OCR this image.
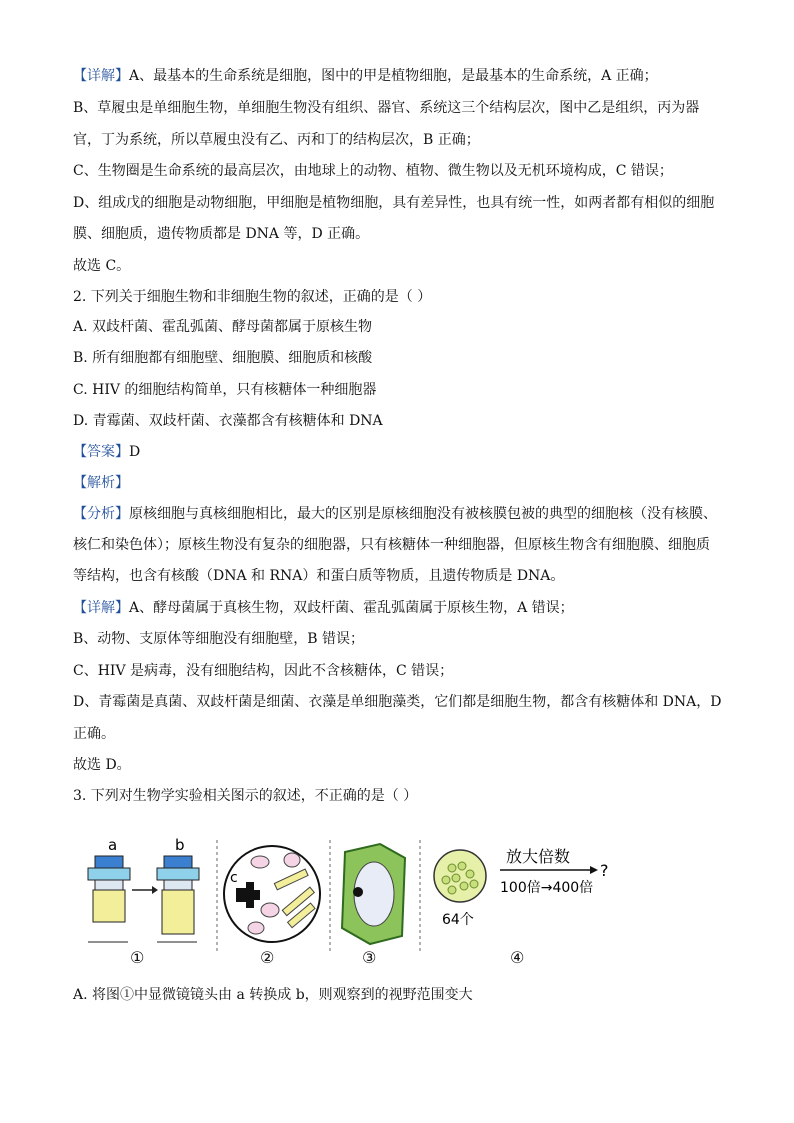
【详解】A、最基本的生命系统是细胞，图中的甲是植物细胞，是最基本的生命系统，A 正确；
B、草履虫是单细胞生物，单细胞生物没有组织、器官、系统这三个结构层次，图中乙是组织，丙为器
官，丁为系统，所以草履虫没有乙、丙和丁的结构层次，B 正确；
C、生物圈是生命系统的最高层次，由地球上的动物、植物、微生物以及无机环境构成，C 错误；
D、组成戊的细胞是动物细胞，甲细胞是植物细胞，具有差异性，也具有统一性，如两者都有相似的细胞
膜、细胞质，遗传物质都是 DNA 等，D 正确。
故选 C。
2. 下列关于细胞生物和非细胞生物的叙述，正确的是（ ）
A. 双歧杆菌、霍乱弧菌、酵母菌都属于原核生物
B. 所有细胞都有细胞壁、细胞膜、细胞质和核酸
C. HIV 的细胞结构简单，只有核糖体一种细胞器
D. 青霉菌、双歧杆菌、衣藻都含有核糖体和 DNA
【答案】D
【解析】
【分析】原核细胞与真核细胞相比，最大的区别是原核细胞没有被核膜包被的典型的细胞核（没有核膜、
核仁和染色体）；原核生物没有复杂的细胞器，只有核糖体一种细胞器，但原核生物含有细胞膜、细胞质
等结构，也含有核酸（DNA 和 RNA）和蛋白质等物质，且遗传物质是 DNA。
【详解】A、酵母菌属于真核生物，双歧杆菌、霍乱弧菌属于原核生物，A 错误；
B、动物、支原体等细胞没有细胞壁，B 错误；
C、HIV 是病毒，没有细胞结构，因此不含核糖体，C 错误；
D、青霉菌是真菌、双歧杆菌是细菌、衣藻是单细胞藻类，它们都是细胞生物，都含有核糖体和 DNA，D
正确。
故选 D。
3. 下列对生物学实验相关图示的叙述，不正确的是（ ）
A. 将图①中显微镜镜头由 a 转换成 b，则观察到的视野范围变大
a	b
c
64个
放大倍数
?
100倍→400倍
①	②	③	④
